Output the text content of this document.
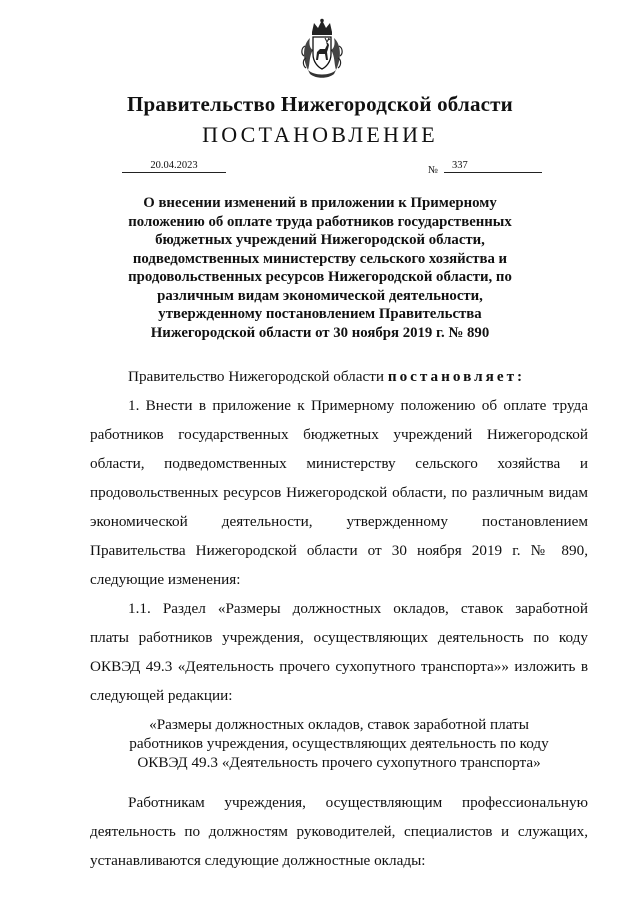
Правительство Нижегородской области
ПОСТАНОВЛЕНИЕ
20.04.2023	№	337
О внесении изменений в приложении к Примерному
положению об оплате труда работников государственных
бюджетных учреждений Нижегородской области,
подведомственных министерству сельского хозяйства и
продовольственных ресурсов Нижегородской области, по
различным видам экономической деятельности,
утвержденному постановлением Правительства
Нижегородской области от 30 ноября 2019 г. № 890
Правительство Нижегородской области постановляет:
1. Внести в приложение к Примерному положению об оплате труда
работников государственных бюджетных учреждений Нижегородской
области, подведомственных министерству сельского хозяйства и
продовольственных ресурсов Нижегородской области, по различным видам
экономической деятельности, утвержденному постановлением
Правительства Нижегородской области от 30 ноября 2019 г. № 890,
следующие изменения:
1.1. Раздел «Размеры должностных окладов, ставок заработной
платы работников учреждения, осуществляющих деятельность по коду
ОКВЭД 49.3 «Деятельность прочего сухопутного транспорта»» изложить в
следующей редакции:
«Размеры должностных окладов, ставок заработной платы
работников учреждения, осуществляющих деятельность по коду
ОКВЭД 49.3 «Деятельность прочего сухопутного транспорта»
Работникам учреждения, осуществляющим профессиональную
деятельность по должностям руководителей, специалистов и служащих,
устанавливаются следующие должностные оклады:
